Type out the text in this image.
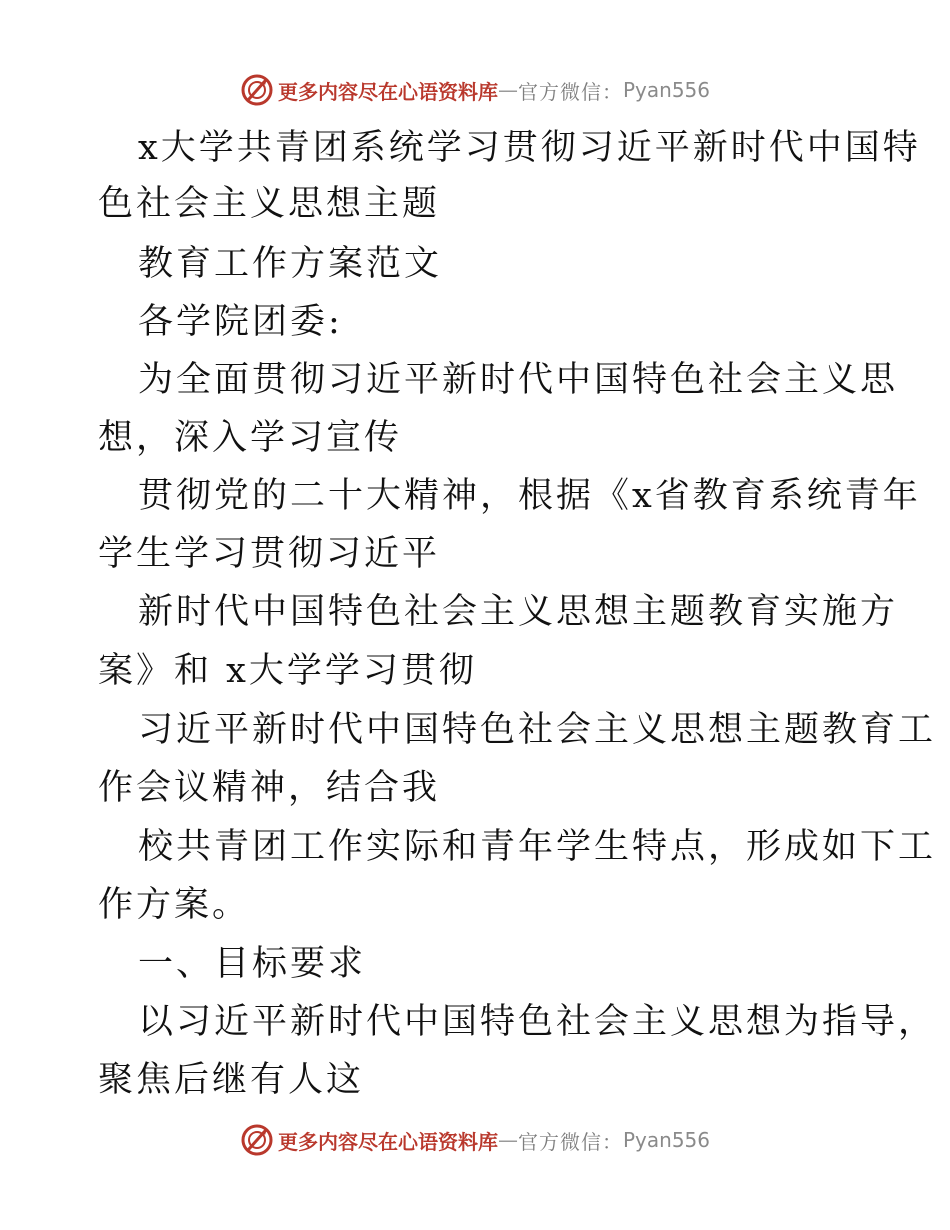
更多内容尽在心语资料库 — 官方微信： Pyan556
x大学共青团系统学习贯彻习近平新时代中国特
色社会主义思想主题
教育工作方案范文
各学院团委:
为全面贯彻习近平新时代中国特色社会主义思
想，深入学习宣传
贯彻党的二十大精神，根据《x省教育系统青年
学生学习贯彻习近平
新时代中国特色社会主义思想主题教育实施方
案》和 x大学学习贯彻
习近平新时代中国特色社会主义思想主题教育工
作会议精神，结合我
校共青团工作实际和青年学生特点，形成如下工
作方案。
一、目标要求
以习近平新时代中国特色社会主义思想为指导，
聚焦后继有人这
更多内容尽在心语资料库 — 官方微信： Pyan556
